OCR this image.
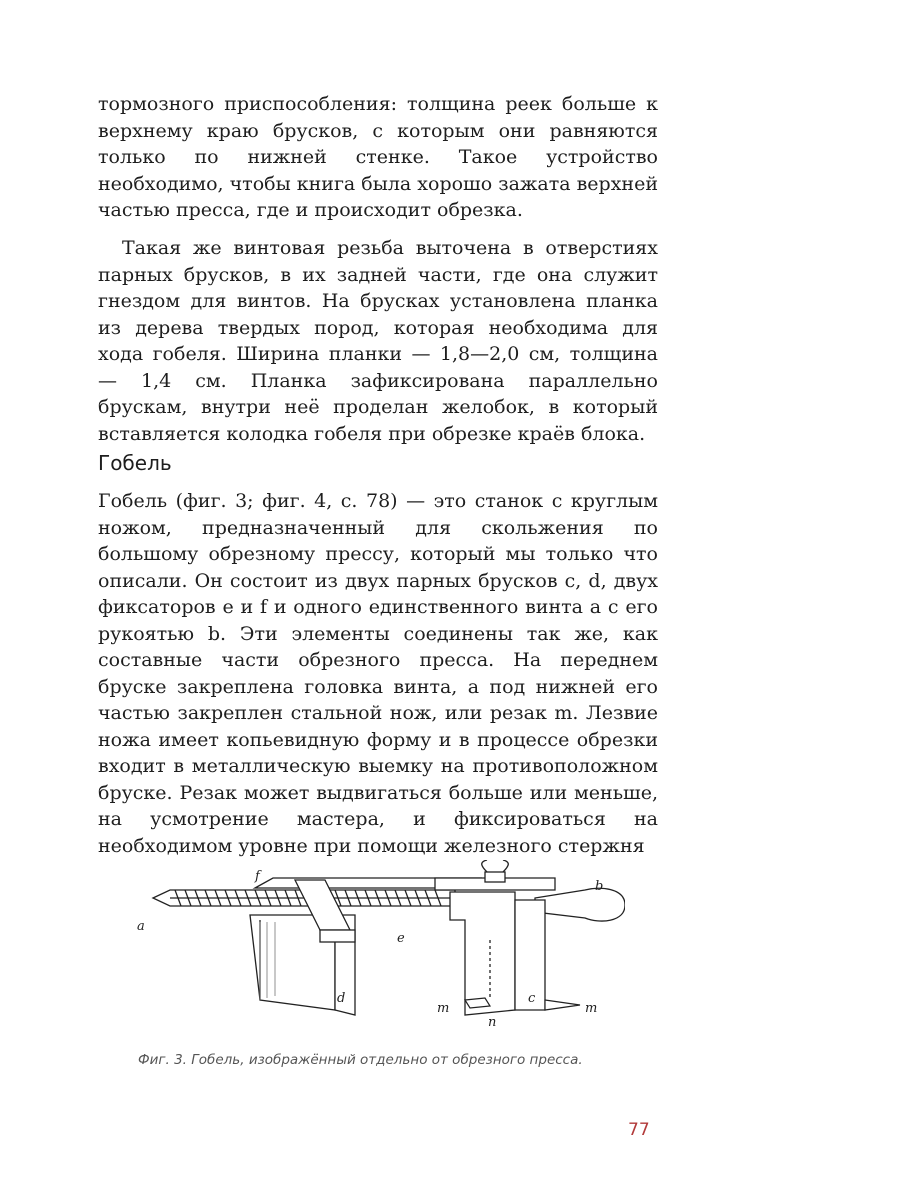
тормозного приспособления: толщина реек больше к верхнему краю брусков, с которым они равняются только по нижней стенке. Такое устройство необходимо, чтобы книга была хорошо зажата верхней частью пресса, где и происходит обрезка.

Такая же винтовая резьба выточена в отверстиях парных брусков, в их задней части, где она служит гнездом для винтов. На брусках установлена планка из дерева твердых пород, которая необходима для хода гобеля. Ширина планки — 1,8—2,0 см, толщина — 1,4 см. Планка зафиксирована параллельно брускам, внутри неё проделан желобок, в который вставляется колодка гобеля при обрезке краёв блока.

Гобель

Гобель (фиг. 3; фиг. 4, с. 78) — это станок с круглым ножом, предназначенный для скольжения по большому обрезному прессу, который мы только что описали. Он состоит из двух парных брусков c, d, двух фиксаторов e и f и одного единственного винта a с его рукоятью b. Эти элементы соединены так же, как составные части обрезного пресса. На переднем бруске закреплена головка винта, а под нижней его частью закреплен стальной нож, или резак m. Лезвие ножа имеет копьевидную форму и в процессе обрезки входит в металлическую выемку на противоположном бруске. Резак может выдвигаться больше или меньше, на усмотрение мастера, и фиксироваться на необходимом уровне при помощи железного стержня

f
a
b
e
d	c
m	m
n
Фиг. 3. Гобель, изображённый отдельно от обрезного пресса.
77
